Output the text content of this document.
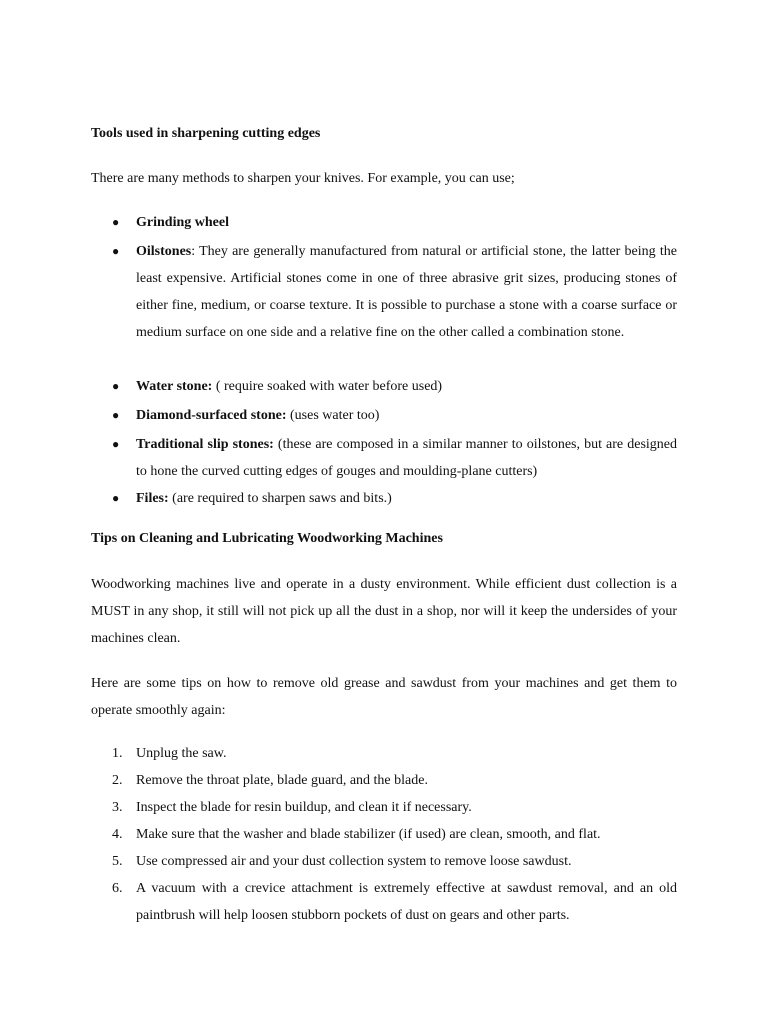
Tools used in sharpening cutting edges
There are many methods to sharpen your knives. For example, you can use;
● Grinding wheel
● Oilstones: They are generally manufactured from natural or artificial stone, the latter being the least expensive. Artificial stones come in one of three abrasive grit sizes, producing stones of either fine, medium, or coarse texture. It is possible to purchase a stone with a coarse surface or medium surface on one side and a relative fine on the other called a combination stone.
● Water stone: ( require soaked with water before used)
● Diamond-surfaced stone: (uses water too)
● Traditional slip stones: (these are composed in a similar manner to oilstones, but are designed to hone the curved cutting edges of gouges and moulding-plane cutters)
● Files: (are required to sharpen saws and bits.)
Tips on Cleaning and Lubricating Woodworking Machines
Woodworking machines live and operate in a dusty environment. While efficient dust collection is a MUST in any shop, it still will not pick up all the dust in a shop, nor will it keep the undersides of your machines clean.
Here are some tips on how to remove old grease and sawdust from your machines and get them to operate smoothly again:
1. Unplug the saw.
2. Remove the throat plate, blade guard, and the blade.
3. Inspect the blade for resin buildup, and clean it if necessary.
4. Make sure that the washer and blade stabilizer (if used) are clean, smooth, and flat.
5. Use compressed air and your dust collection system to remove loose sawdust.
6. A vacuum with a crevice attachment is extremely effective at sawdust removal, and an old paintbrush will help loosen stubborn pockets of dust on gears and other parts.
